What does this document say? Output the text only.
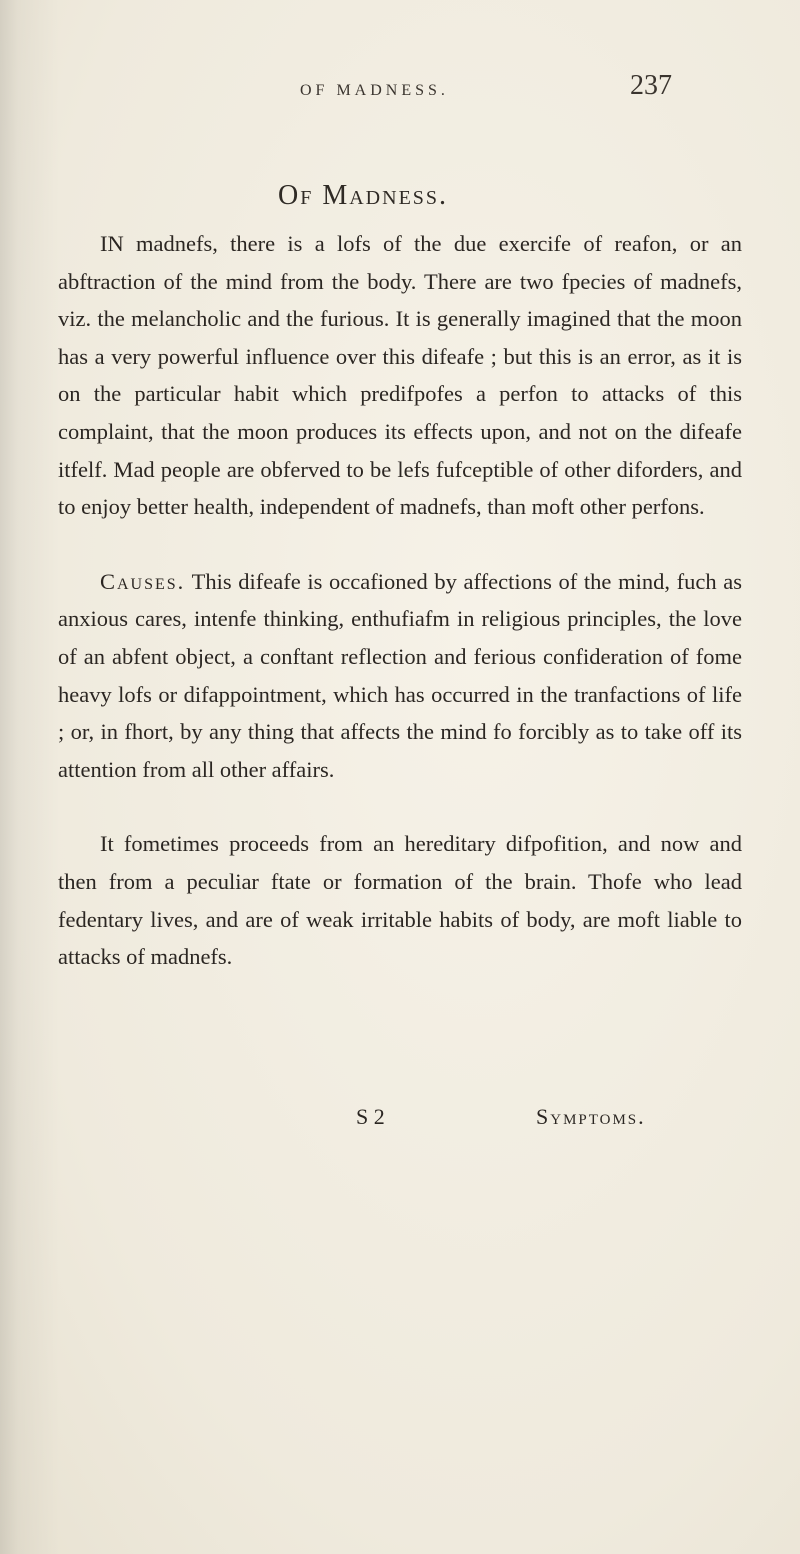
OF MADNESS.	237
Of Madness.

IN madnefs, there is a lofs of the due exercife of reafon, or an abftraction of the mind from the body. There are two fpecies of madnefs, viz. the melancholic and the furious. It is generally imagined that the moon has a very powerful influence over this difeafe ; but this is an error, as it is on the particular habit which predifpofes a perfon to attacks of this complaint, that the moon produces its effects upon, and not on the difeafe itfelf. Mad people are obferved to be lefs fufceptible of other diforders, and to enjoy better health, independent of madnefs, than moft other perfons.

Causes. This difeafe is occafioned by affections of the mind, fuch as anxious cares, intenfe thinking, enthufiafm in religious principles, the love of an abfent object, a conftant reflection and ferious confideration of fome heavy lofs or difappointment, which has occurred in the tranfactions of life ; or, in fhort, by any thing that affects the mind fo forcibly as to take off its attention from all other affairs.

It fometimes proceeds from an hereditary difpofition, and now and then from a peculiar ftate or formation of the brain. Thofe who lead fedentary lives, and are of weak irritable habits of body, are moft liable to attacks of madnefs.

S 2	Symptoms.
